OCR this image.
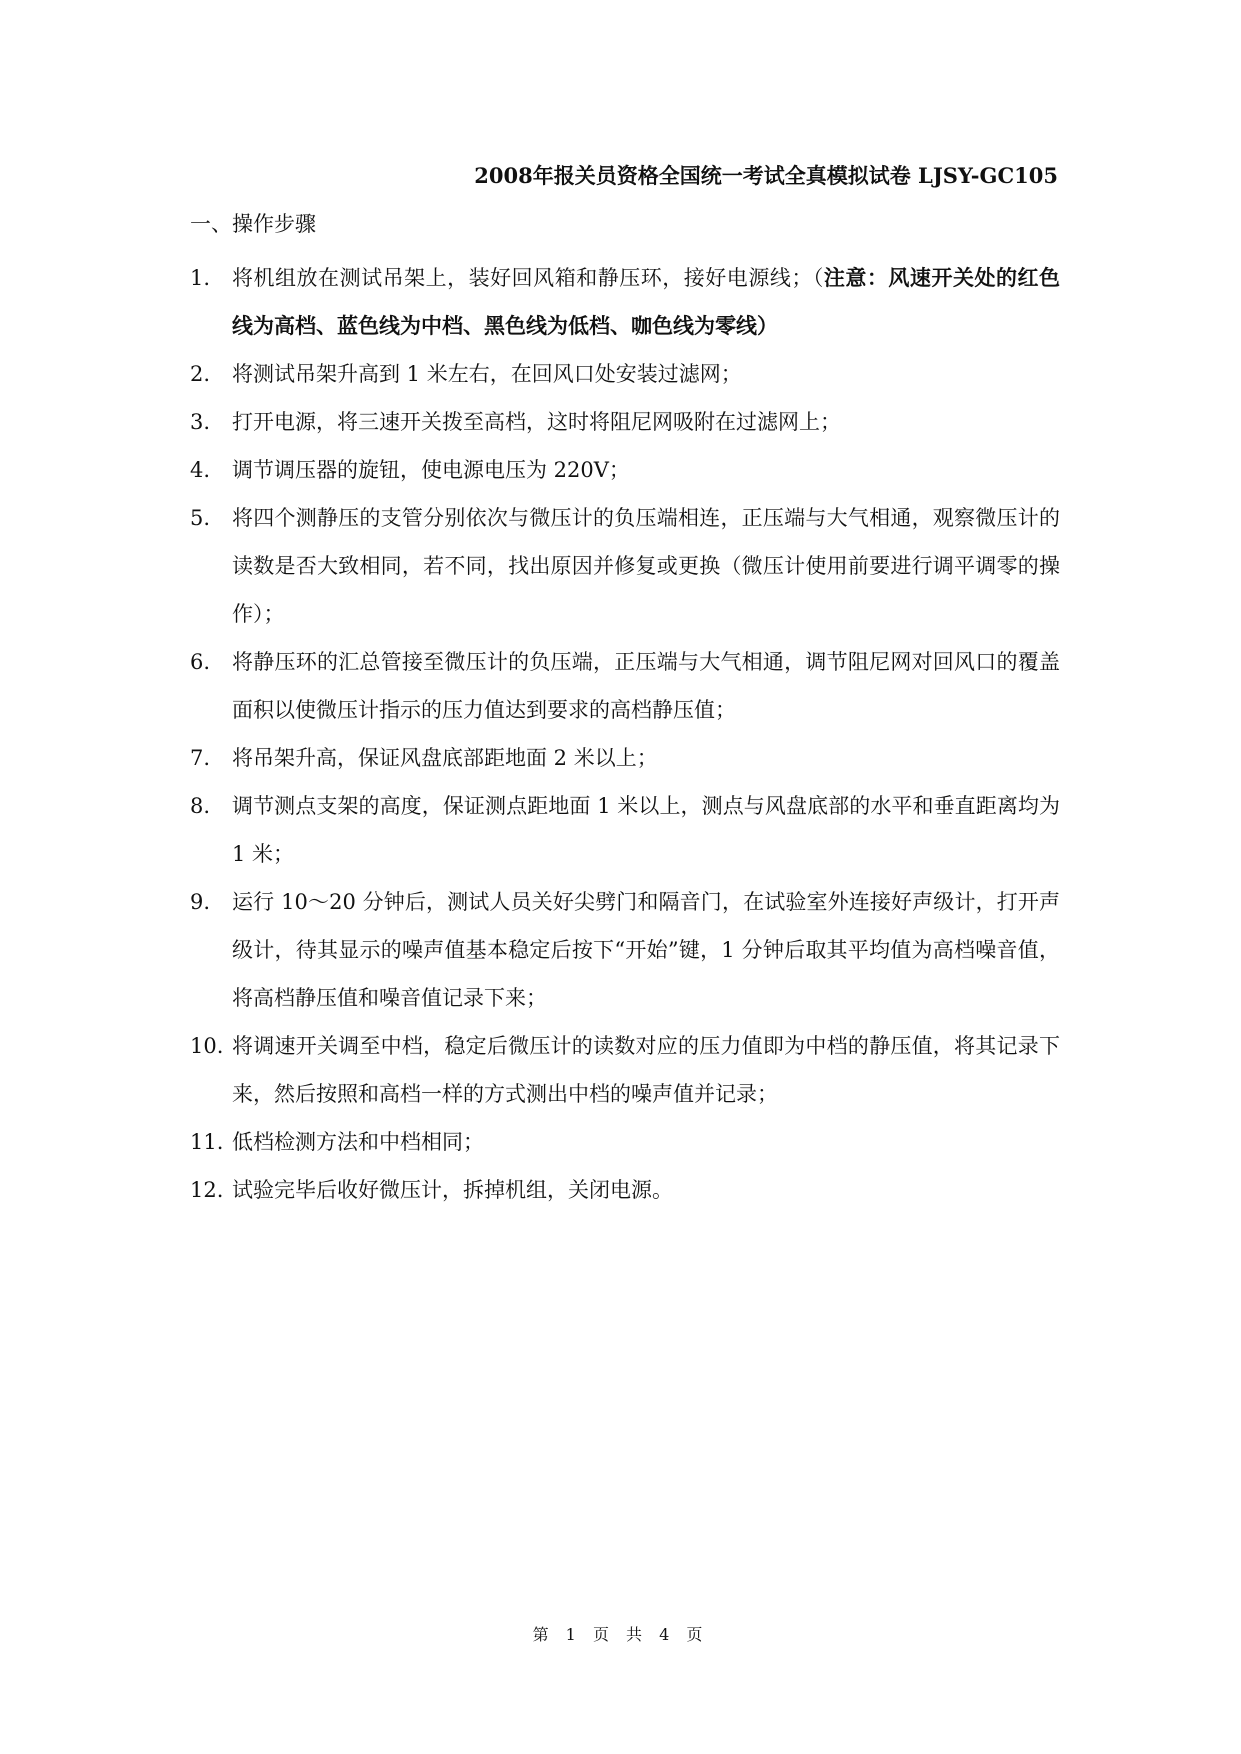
2008年报关员资格全国统一考试全真模拟试卷 LJSY-GC105
一、操作步骤
1.	将机组放在测试吊架上，装好回风箱和静压环，接好电源线；（注意：风速开关处的红色线为高档、蓝色线为中档、黑色线为低档、咖色线为零线）
2.	将测试吊架升高到 1 米左右，在回风口处安装过滤网；
3.	打开电源，将三速开关拨至高档，这时将阻尼网吸附在过滤网上；
4.	调节调压器的旋钮，使电源电压为 220V；
5.	将四个测静压的支管分别依次与微压计的负压端相连，正压端与大气相通，观察微压计的读数是否大致相同，若不同，找出原因并修复或更换（微压计使用前要进行调平调零的操作）；
6.	将静压环的汇总管接至微压计的负压端，正压端与大气相通，调节阻尼网对回风口的覆盖面积以使微压计指示的压力值达到要求的高档静压值；
7.	将吊架升高，保证风盘底部距地面 2 米以上；
8.	调节测点支架的高度，保证测点距地面 1 米以上，测点与风盘底部的水平和垂直距离均为 1 米；
9.	运行 10～20 分钟后，测试人员关好尖劈门和隔音门，在试验室外连接好声级计，打开声级计，待其显示的噪声值基本稳定后按下“开始”键，1 分钟后取其平均值为高档噪音值，将高档静压值和噪音值记录下来；
10. 将调速开关调至中档，稳定后微压计的读数对应的压力值即为中档的静压值，将其记录下来，然后按照和高档一样的方式测出中档的噪声值并记录；
11. 低档检测方法和中档相同；
12. 试验完毕后收好微压计，拆掉机组，关闭电源。
第 1 页 共 4 页
